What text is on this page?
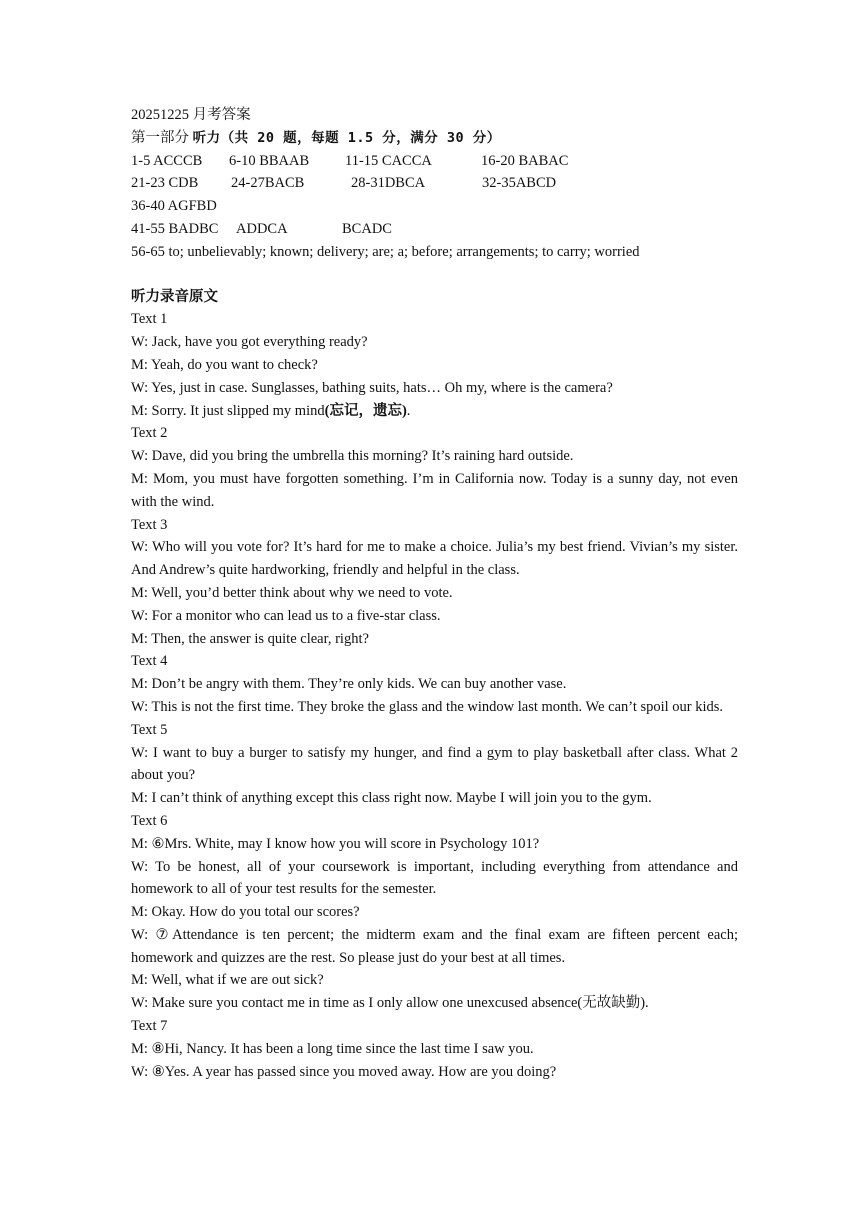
20251225 月考答案
第一部分 听力（共 20 题，每题 1.5 分，满分 30 分）
1-5 ACCCB 6-10 BBAAB 11-15 CACCA	16-20 BABAC
21-23 CDB 24-27BACB	28-31DBCA	32-35ABCD
36-40 AGFBD
41-55 BADBC ADDCA	BCADC
56-65 to; unbelievably; known; delivery; are; a; before; arrangements; to carry; worried
听力录音原文
Text 1
W: Jack, have you got everything ready?
M: Yeah, do you want to check?
W: Yes, just in case. Sunglasses, bathing suits, hats… Oh my, where is the camera?
M: Sorry. It just slipped my mind(忘记，遗忘).
Text 2
W: Dave, did you bring the umbrella this morning? It’s raining hard outside.
M: Mom, you must have forgotten something. I’m in California now. Today is a sunny day, not even with the wind.
Text 3
W: Who will you vote for? It’s hard for me to make a choice. Julia’s my best friend. Vivian’s my sister. And Andrew’s quite hardworking, friendly and helpful in the class.
M: Well, you’d better think about why we need to vote.
W: For a monitor who can lead us to a five-star class.
M: Then, the answer is quite clear, right?
Text 4
M: Don’t be angry with them. They’re only kids. We can buy another vase.
W: This is not the first time. They broke the glass and the window last month. We can’t spoil our kids.
Text 5
W: I want to buy a burger to satisfy my hunger, and find a gym to play basketball after class. What 2 about you?
M: I can’t think of anything except this class right now. Maybe I will join you to the gym.
Text 6
M: ⑥Mrs. White, may I know how you will score in Psychology 101?
W: To be honest, all of your coursework is important, including everything from attendance and homework to all of your test results for the semester.
M: Okay. How do you total our scores?
W: ⑦Attendance is ten percent; the midterm exam and the final exam are fifteen percent each; homework and quizzes are the rest. So please just do your best at all times.
M: Well, what if we are out sick?
W: Make sure you contact me in time as I only allow one unexcused absence(无故缺勤).
Text 7
M: ⑧Hi, Nancy. It has been a long time since the last time I saw you.
W: ⑧Yes. A year has passed since you moved away. How are you doing?
